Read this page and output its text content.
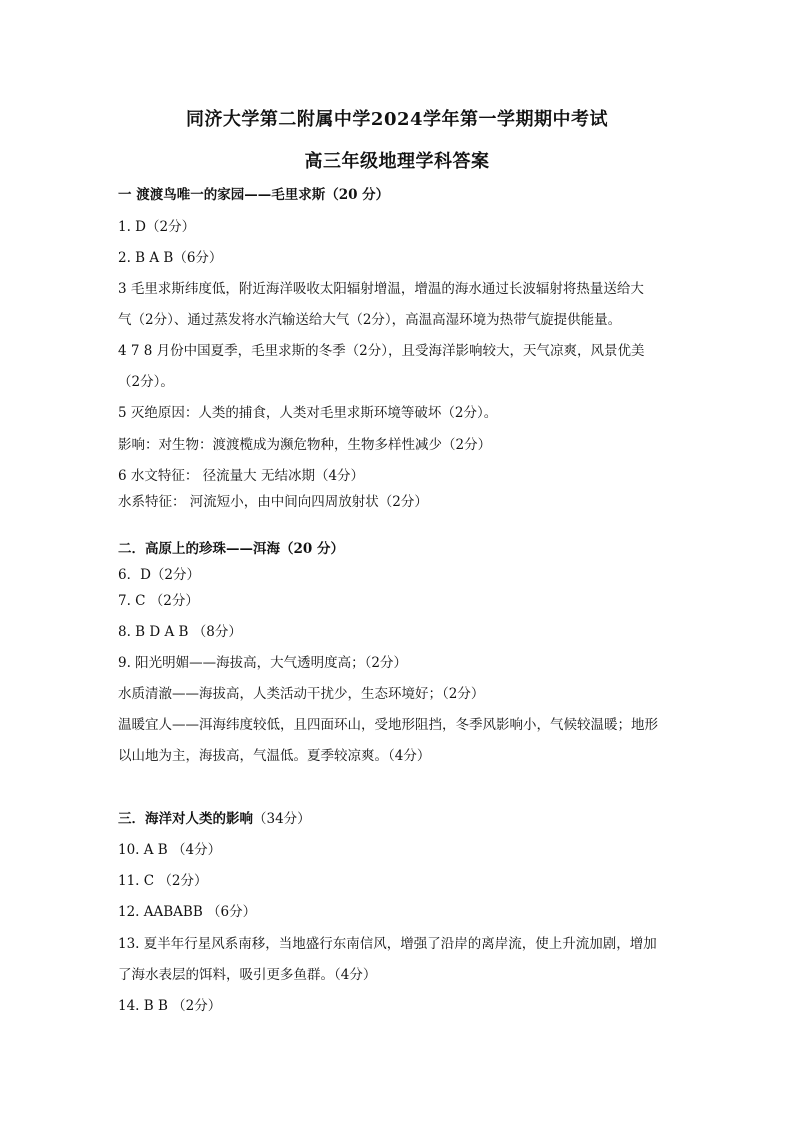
同济大学第二附属中学2024学年第一学期期中考试
高三年级地理学科答案
一 渡渡鸟唯一的家园——毛里求斯（20 分）
1. D（2分）
2. B A B（6分）
3 毛里求斯纬度低，附近海洋吸收太阳辐射增温，增温的海水通过长波辐射将热量送给大
气（2分）、通过蒸发将水汽输送给大气（2分），高温高湿环境为热带气旋提供能量。
4 7 8 月份中国夏季，毛里求斯的冬季（2分），且受海洋影响较大，天气凉爽，风景优美
（2分）。
5 灭绝原因：人类的捕食，人类对毛里求斯环境等破坏（2分）。
影响：对生物：渡渡榄成为濒危物种，生物多样性减少（2分）
6 水文特征： 径流量大 无结冰期（4分）
水系特征： 河流短小，由中间向四周放射状（2分）
二．高原上的珍珠——洱海（20 分）
6．D（2分）
7. C （2分）
8. B D A B （8分）
9. 阳光明媚——海拔高，大气透明度高；（2分）
水质清澈——海拔高，人类活动干扰少，生态环境好；（2分）
温暖宜人——洱海纬度较低，且四面环山，受地形阻挡，冬季风影响小，气候较温暖；地形
以山地为主，海拔高，气温低。夏季较凉爽。（4分）
三．海洋对人类的影响（34分）
10. A B （4分）
11. C （2分）
12. AABABB （6分）
13. 夏半年行星风系南移，当地盛行东南信风，增强了沿岸的离岸流，使上升流加剧，增加
了海水表层的饵料，吸引更多鱼群。（4分）
14. B B （2分）
